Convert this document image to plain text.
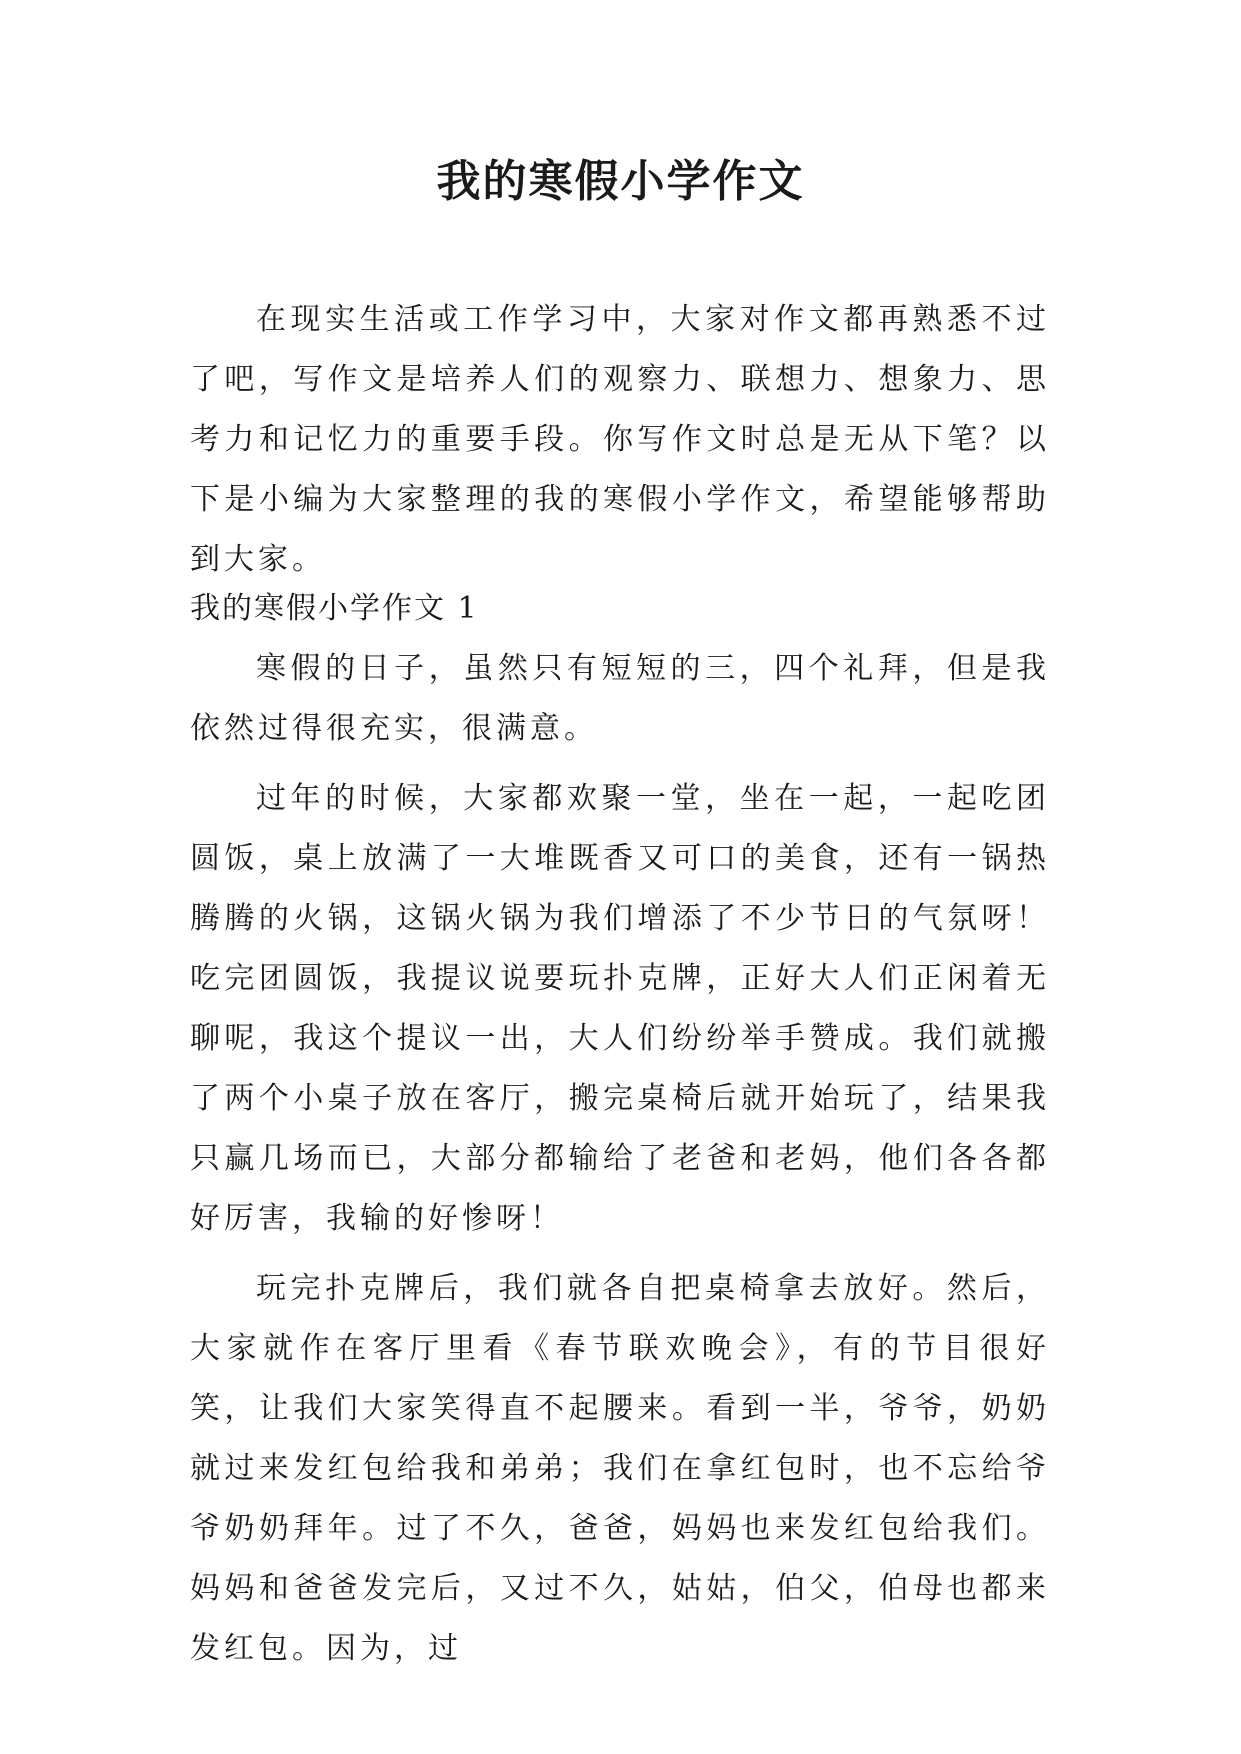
我的寒假小学作文

在现实生活或工作学习中，大家对作文都再熟悉不过了吧，写作文是培养人们的观察力、联想力、想象力、思考力和记忆力的重要手段。你写作文时总是无从下笔？以下是小编为大家整理的我的寒假小学作文，希望能够帮助到大家。

我的寒假小学作文 1

寒假的日子，虽然只有短短的三，四个礼拜，但是我依然过得很充实，很满意。

过年的时候，大家都欢聚一堂，坐在一起，一起吃团圆饭，桌上放满了一大堆既香又可口的美食，还有一锅热腾腾的火锅，这锅火锅为我们增添了不少节日的气氛呀！吃完团圆饭，我提议说要玩扑克牌，正好大人们正闲着无聊呢，我这个提议一出，大人们纷纷举手赞成。我们就搬了两个小桌子放在客厅，搬完桌椅后就开始玩了，结果我只赢几场而已，大部分都输给了老爸和老妈，他们各各都好厉害，我输的好惨呀！

玩完扑克牌后，我们就各自把桌椅拿去放好。然后，大家就作在客厅里看《春节联欢晚会》，有的节目很好笑，让我们大家笑得直不起腰来。看到一半，爷爷，奶奶就过来发红包给我和弟弟；我们在拿红包时，也不忘给爷爷奶奶拜年。过了不久，爸爸，妈妈也来发红包给我们。妈妈和爸爸发完后，又过不久，姑姑，伯父，伯母也都来发红包。因为，过
